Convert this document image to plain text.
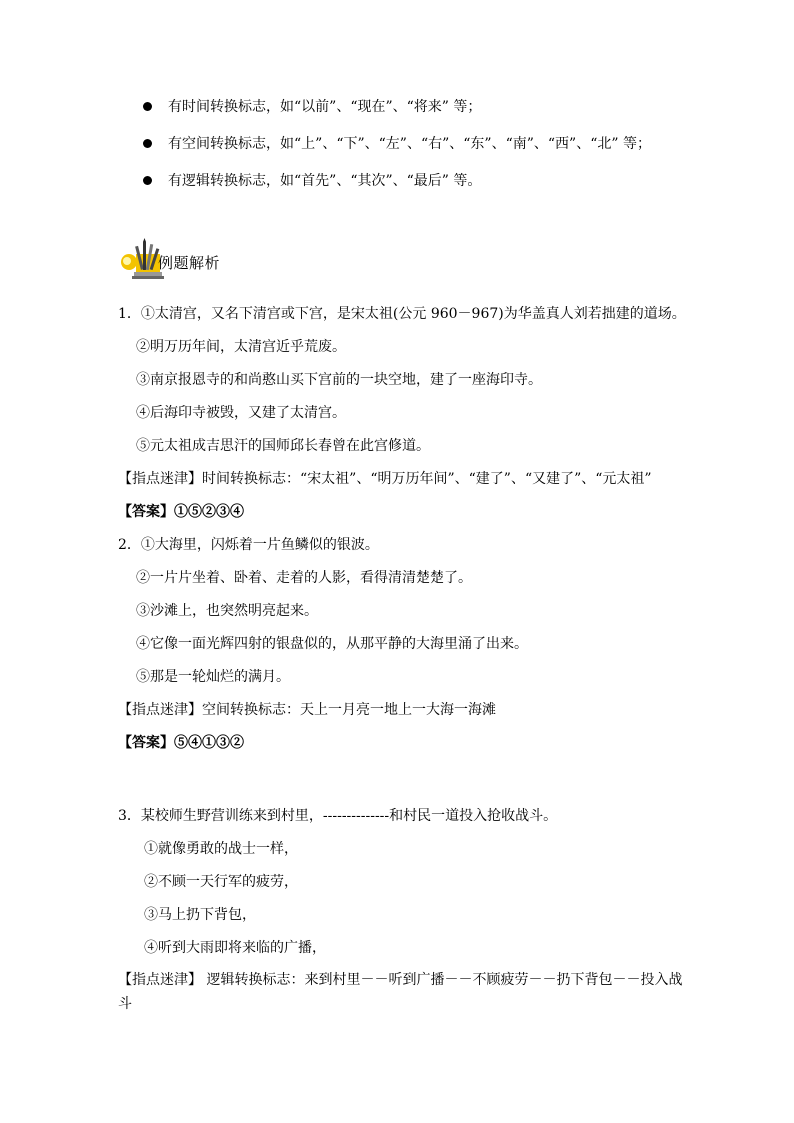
有时间转换标志，如“以前”、“现在”、“将来” 等；
有空间转换标志，如“上”、“下”、“左”、“右”、“东”、“南”、“西”、“北” 等；
有逻辑转换标志，如“首先”、“其次”、“最后” 等。
例题解析
1．①太清宫，又名下清宫或下宫，是宋太祖(公元 960－967)为华盖真人刘若拙建的道场。
②明万历年间，太清宫近乎荒废。
③南京报恩寺的和尚憨山买下宫前的一块空地，建了一座海印寺。
④后海印寺被毁，又建了太清宫。
⑤元太祖成吉思汗的国师邱长春曾在此宫修道。
【指点迷津】时间转换标志：“宋太祖”、“明万历年间”、“建了”、“又建了”、“元太祖”
【答案】①⑤②③④
2．①大海里，闪烁着一片鱼鳞似的银波。
②一片片坐着、卧着、走着的人影，看得清清楚楚了。
③沙滩上，也突然明亮起来。
④它像一面光辉四射的银盘似的，从那平静的大海里涌了出来。
⑤那是一轮灿烂的满月。
【指点迷津】空间转换标志：天上一月亮一地上一大海一海滩
【答案】⑤④①③②
3．某校师生野营训练来到村里，--------------和村民一道投入抢收战斗。
①就像勇敢的战士一样，
②不顾一天行军的疲劳，
③马上扔下背包，
④听到大雨即将来临的广播，
【指点迷津】 逻辑转换标志：来到村里－－听到广播－－不顾疲劳－－扔下背包－－投入战斗
